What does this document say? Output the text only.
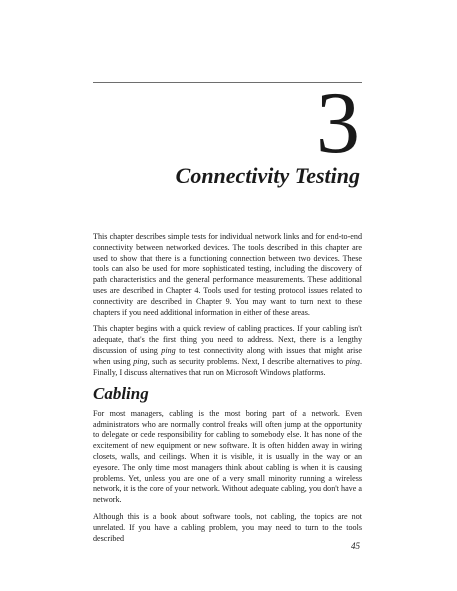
3
Connectivity Testing

This chapter describes simple tests for individual network links and for end-to-end connectivity between networked devices. The tools described in this chapter are used to show that there is a functioning connection between two devices. These tools can also be used for more sophisticated testing, including the discovery of path characteristics and the general performance measurements. These additional uses are described in Chapter 4. Tools used for testing protocol issues related to connectivity are described in Chapter 9. You may want to turn next to these chapters if you need additional information in either of these areas.

This chapter begins with a quick review of cabling practices. If your cabling isn't adequate, that's the first thing you need to address. Next, there is a lengthy discussion of using ping to test connectivity along with issues that might arise when using ping, such as security problems. Next, I describe alternatives to ping. Finally, I discuss alternatives that run on Microsoft Windows platforms.

Cabling

For most managers, cabling is the most boring part of a network. Even administrators who are normally control freaks will often jump at the opportunity to delegate or cede responsibility for cabling to somebody else. It has none of the excitement of new equipment or new software. It is often hidden away in wiring closets, walls, and ceilings. When it is visible, it is usually in the way or an eyesore. The only time most managers think about cabling is when it is causing problems. Yet, unless you are one of a very small minority running a wireless network, it is the core of your network. Without adequate cabling, you don't have a network.

Although this is a book about software tools, not cabling, the topics are not unrelated. If you have a cabling problem, you may need to turn to the tools described

45
